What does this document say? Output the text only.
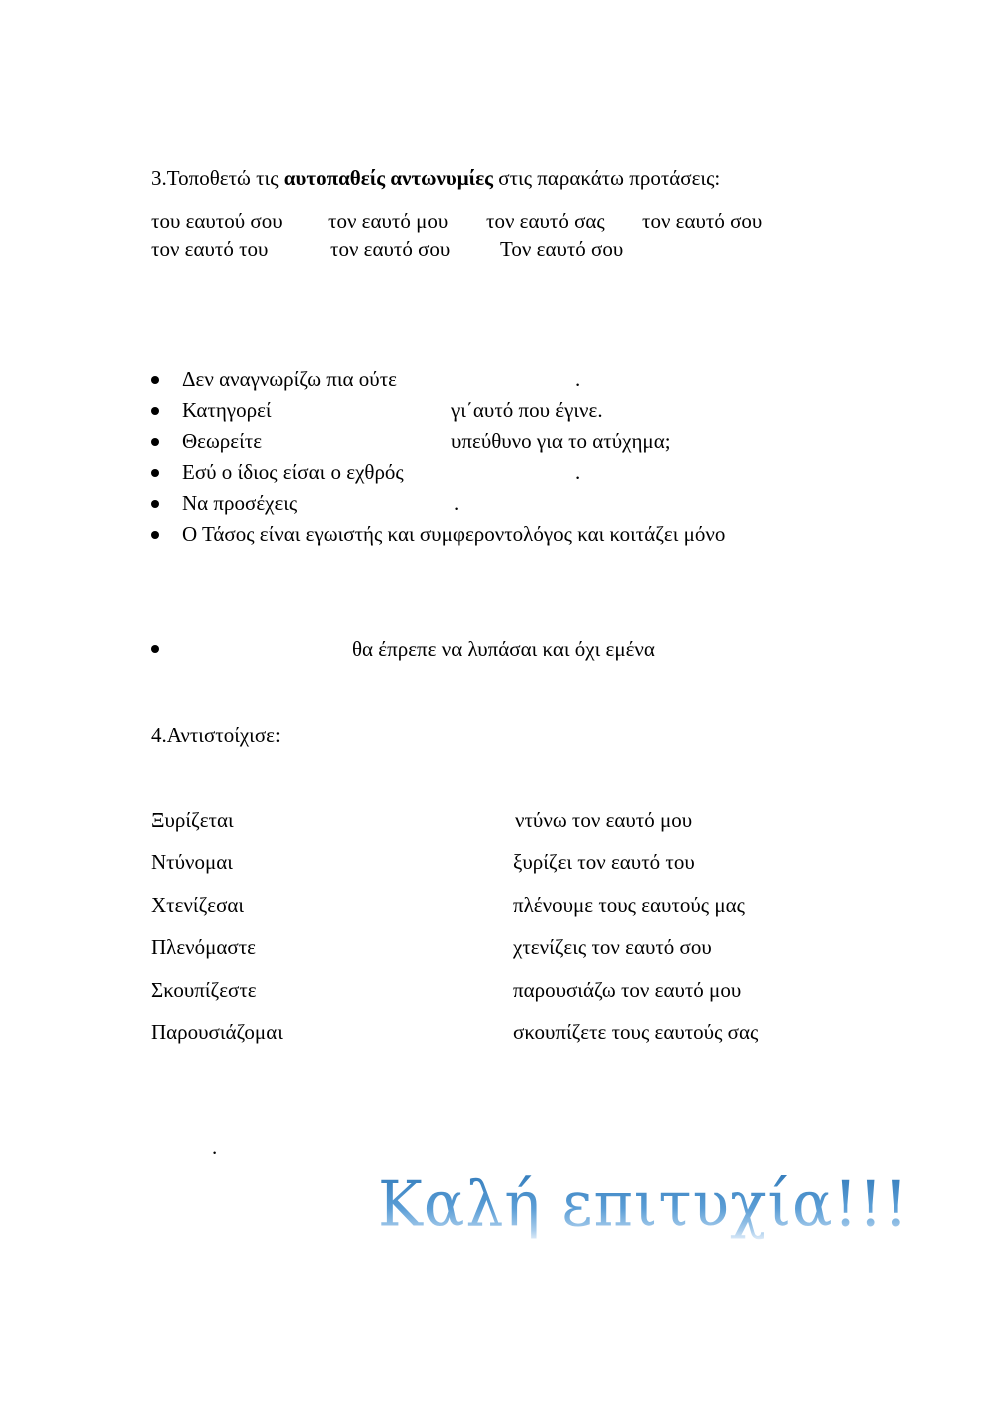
3.Τοποθετώ τις αυτοπαθείς αντωνυμίες στις παρακάτω προτάσεις:
του εαυτού σου τον εαυτό μου τον εαυτό σας τον εαυτό σου
τον εαυτό του	τον εαυτό σου Τον εαυτό σου
Δεν αναγνωρίζω πια ούτε	.
Κατηγορεί	γι΄αυτό που έγινε.
Θεωρείτε	υπεύθυνο για το ατύχημα;
Εσύ ο ίδιος είσαι ο εχθρός	.
Να προσέχεις	.
Ο Τάσος είναι εγωιστής και συμφεροντολόγος και κοιτάζει μόνο
θα έπρεπε να λυπάσαι και όχι εμένα
4.Αντιστοίχισε:
Ξυρίζεται	ντύνω τον εαυτό μου
Ντύνομαι	ξυρίζει τον εαυτό του
Χτενίζεσαι	πλένουμε τους εαυτούς μας
Πλενόμαστε	χτενίζεις τον εαυτό σου
Σκουπίζεστε	παρουσιάζω τον εαυτό μου
Παρουσιάζομαι	σκουπίζετε τους εαυτούς σας
.
Καλή επιτυχία!!!
